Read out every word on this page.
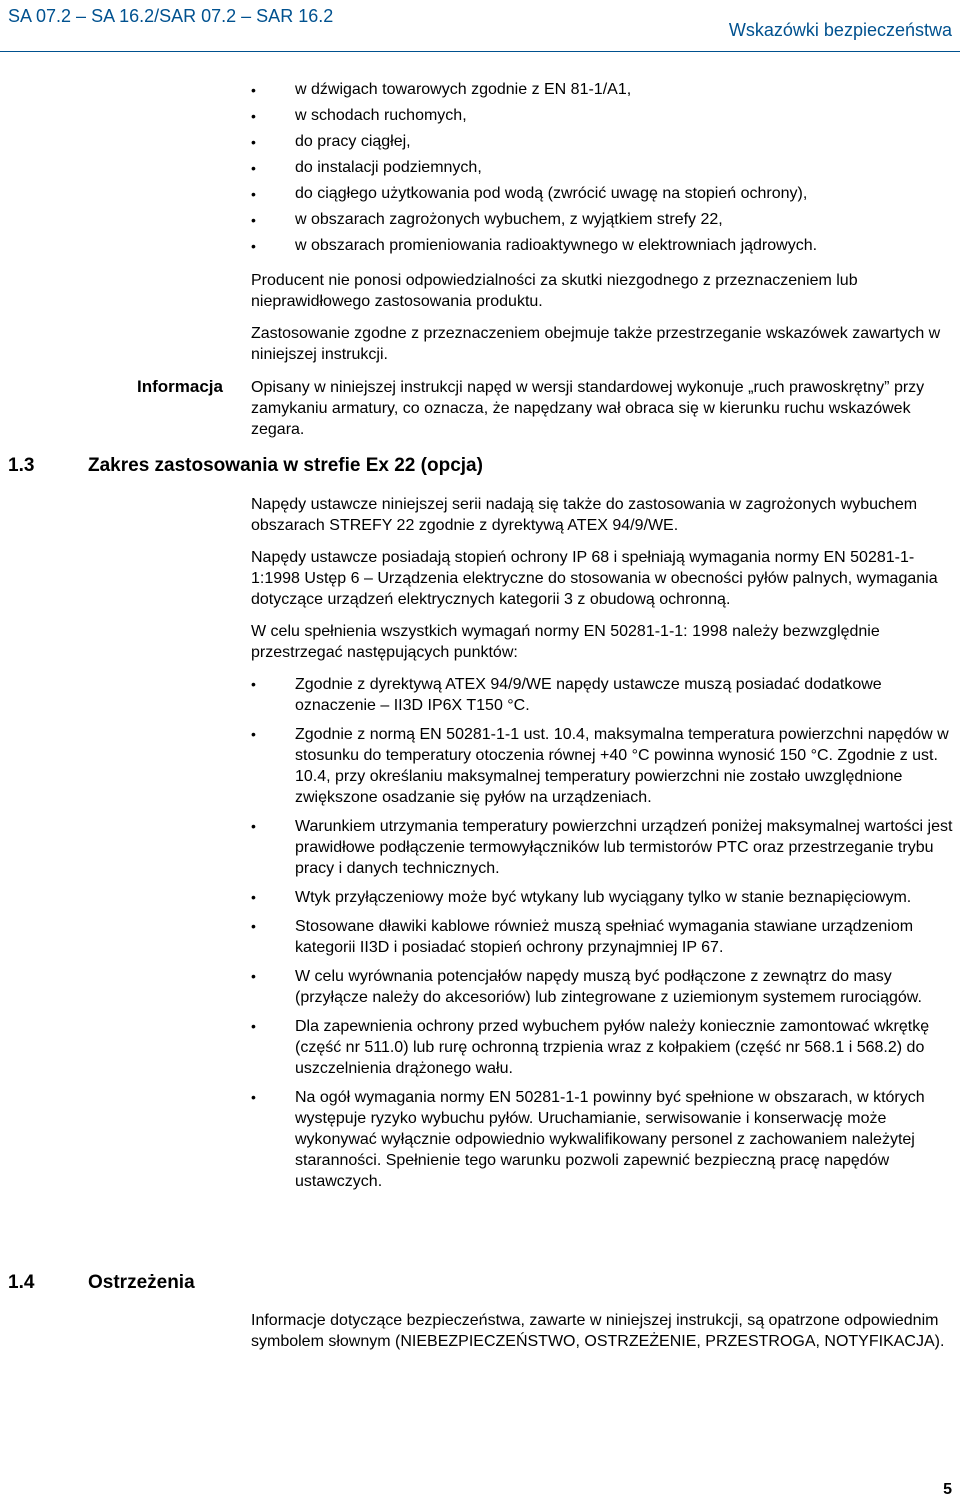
SA 07.2 – SA 16.2/SAR 07.2 – SAR 16.2
Wskazówki bezpieczeństwa
• w dźwigach towarowych zgodnie z EN 81-1/A1,
• w schodach ruchomych,
• do pracy ciągłej,
• do instalacji podziemnych,
• do ciągłego użytkowania pod wodą (zwrócić uwagę na stopień ochrony),
• w obszarach zagrożonych wybuchem, z wyjątkiem strefy 22,
• w obszarach promieniowania radioaktywnego w elektrowniach jądrowych.

Producent nie ponosi odpowiedzialności za skutki niezgodnego z przeznaczeniem lub nieprawidłowego zastosowania produktu.

Zastosowanie zgodne z przeznaczeniem obejmuje także przestrzeganie wskazówek zawartych w niniejszej instrukcji.

Informacja Opisany w niniejszej instrukcji napęd w wersji standardowej wykonuje „ruch prawoskrętny” przy zamykaniu armatury, co oznacza, że napędzany wał obraca się w kierunku ruchu wskazówek zegara.

1.3	Zakres zastosowania w strefie Ex 22 (opcja)

Napędy ustawcze niniejszej serii nadają się także do zastosowania w zagrożonych wybuchem obszarach STREFY 22 zgodnie z dyrektywą ATEX 94/9/WE.

Napędy ustawcze posiadają stopień ochrony IP 68 i spełniają wymagania normy EN 50281-1-1:1998 Ustęp 6 – Urządzenia elektryczne do stosowania w obecności pyłów palnych, wymagania dotyczące urządzeń elektrycznych kategorii 3 z obudową ochronną.

W celu spełnienia wszystkich wymagań normy EN 50281-1-1: 1998 należy bezwzględnie przestrzegać następujących punktów:

• Zgodnie z dyrektywą ATEX 94/9/WE napędy ustawcze muszą posiadać dodatkowe oznaczenie – II3D IP6X T150 °C.
• Zgodnie z normą EN 50281-1-1 ust. 10.4, maksymalna temperatura powierzchni napędów w stosunku do temperatury otoczenia równej +40 °C powinna wynosić 150 °C. Zgodnie z ust. 10.4, przy określaniu maksymalnej temperatury powierzchni nie zostało uwzględnione zwiększone osadzanie się pyłów na urządzeniach.
• Warunkiem utrzymania temperatury powierzchni urządzeń poniżej maksymalnej wartości jest prawidłowe podłączenie termowyłączników lub termistorów PTC oraz przestrzeganie trybu pracy i danych technicznych.
• Wtyk przyłączeniowy może być wtykany lub wyciągany tylko w stanie beznapięciowym.
• Stosowane dławiki kablowe również muszą spełniać wymagania stawiane urządzeniom kategorii II3D i posiadać stopień ochrony przynajmniej IP 67.
• W celu wyrównania potencjałów napędy muszą być podłączone z zewnątrz do masy (przyłącze należy do akcesoriów) lub zintegrowane z uziemionym systemem rurociągów.
• Dla zapewnienia ochrony przed wybuchem pyłów należy koniecznie zamontować wkrętkę (część nr 511.0) lub rurę ochronną trzpienia wraz z kołpakiem (część nr 568.1 i 568.2) do uszczelnienia drążonego wału.
• Na ogół wymagania normy EN 50281-1-1 powinny być spełnione w obszarach, w których występuje ryzyko wybuchu pyłów. Uruchamianie, serwisowanie i konserwację może wykonywać wyłącznie odpowiednio wykwalifikowany personel z zachowaniem należytej staranności. Spełnienie tego warunku pozwoli zapewnić bezpieczną pracę napędów ustawczych.
1.4	Ostrzeżenia

Informacje dotyczące bezpieczeństwa, zawarte w niniejszej instrukcji, są opatrzone odpowiednim symbolem słownym (NIEBEZPIECZEŃSTWO, OSTRZEŻENIE, PRZESTROGA, NOTYFIKACJA).

5
